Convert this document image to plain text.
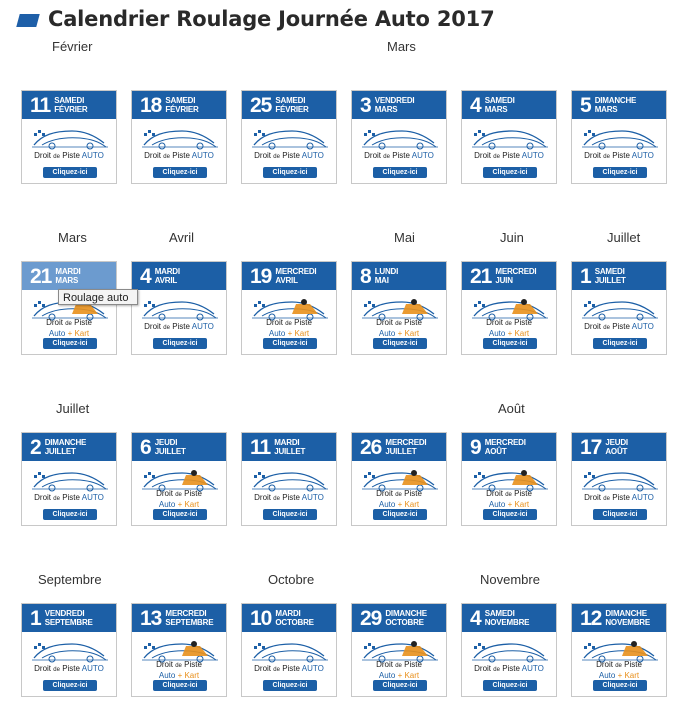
Calendrier Roulage Journée Auto 2017
Février	Mars
Mars	Avril	Mai	Juin	Juillet
Juillet	Août
Septembre	Octobre	Novembre
11 SAMEDI
FÉVRIER
Droit de Piste AUTO
Cliquez-ici
18 SAMEDI
FÉVRIER
Droit de Piste AUTO
Cliquez-ici
25 SAMEDI
FÉVRIER
Droit de Piste AUTO
Cliquez-ici
3 VENDREDI
MARS
Droit de Piste AUTO
Cliquez-ici
4 SAMEDI
MARS
Droit de Piste AUTO
Cliquez-ici
5 DIMANCHE
MARS
Droit de Piste AUTO
Cliquez-ici
21 MARDI
MARS
Droit de Piste
Auto + Kart
Cliquez-ici
4 MARDI
AVRIL
Droit de Piste AUTO
Cliquez-ici
19 MERCREDI
AVRIL
Droit de Piste
Auto + Kart
Cliquez-ici
8 LUNDI
MAI
Droit de Piste
Auto + Kart
Cliquez-ici
21 MERCREDI
JUIN
Droit de Piste
Auto + Kart
Cliquez-ici
1 SAMEDI
JUILLET
Droit de Piste AUTO
Cliquez-ici
2 DIMANCHE
JUILLET
Droit de Piste AUTO
Cliquez-ici
6 JEUDI
JUILLET
Droit de Piste
Auto + Kart
Cliquez-ici
11 MARDI
JUILLET
Droit de Piste AUTO
Cliquez-ici
26 MERCREDI
JUILLET
Droit de Piste
Auto + Kart
Cliquez-ici
9 MERCREDI
AOÛT
Droit de Piste
Auto + Kart
Cliquez-ici
17 JEUDI
AOÛT
Droit de Piste AUTO
Cliquez-ici
1 VENDREDI
SEPTEMBRE
Droit de Piste AUTO
Cliquez-ici
13 MERCREDI
SEPTEMBRE
Droit de Piste
Auto + Kart
Cliquez-ici
10 MARDI
OCTOBRE
Droit de Piste AUTO
Cliquez-ici
29 DIMANCHE
OCTOBRE
Droit de Piste
Auto + Kart
Cliquez-ici
4 SAMEDI
NOVEMBRE
Droit de Piste AUTO
Cliquez-ici
12 DIMANCHE
NOVEMBRE
Droit de Piste
Auto + Kart
Cliquez-ici
Roulage auto
